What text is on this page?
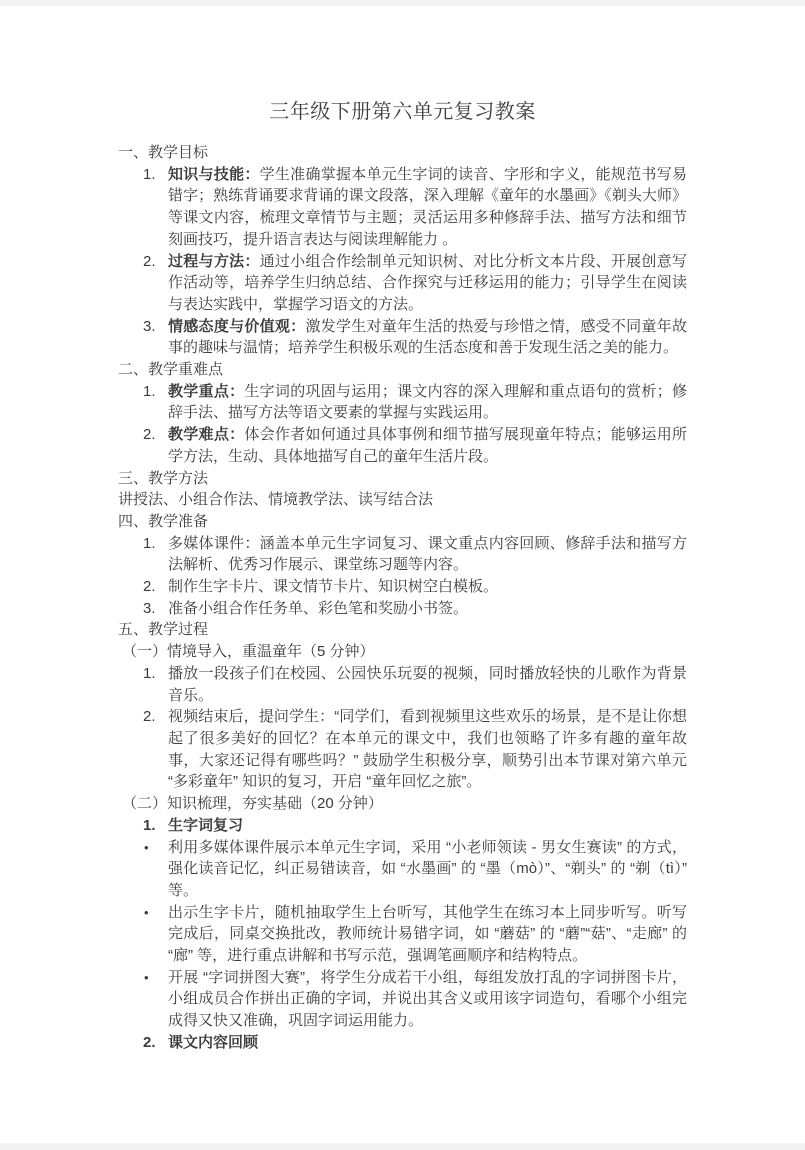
三年级下册第六单元复习教案

一、教学目标

1. 知识与技能：学生准确掌握本单元生字词的读音、字形和字义，能规范书写易错字；熟练背诵要求背诵的课文段落，深入理解《童年的水墨画》《剃头大师》等课文内容，梳理文章情节与主题；灵活运用多种修辞手法、描写方法和细节刻画技巧，提升语言表达与阅读理解能力 。
2. 过程与方法：通过小组合作绘制单元知识树、对比分析文本片段、开展创意写作活动等，培养学生归纳总结、合作探究与迁移运用的能力；引导学生在阅读与表达实践中，掌握学习语文的方法。
3. 情感态度与价值观：激发学生对童年生活的热爱与珍惜之情，感受不同童年故事的趣味与温情；培养学生积极乐观的生活态度和善于发现生活之美的能力。

二、教学重难点

1. 教学重点：生字词的巩固与运用；课文内容的深入理解和重点语句的赏析；修辞手法、描写方法等语文要素的掌握与实践运用。
2. 教学难点：体会作者如何通过具体事例和细节描写展现童年特点；能够运用所学方法，生动、具体地描写自己的童年生活片段。

三、教学方法

讲授法、小组合作法、情境教学法、读写结合法

四、教学准备

1. 多媒体课件：涵盖本单元生字词复习、课文重点内容回顾、修辞手法和描写方法解析、优秀习作展示、课堂练习题等内容。
2. 制作生字卡片、课文情节卡片、知识树空白模板。
3. 准备小组合作任务单、彩色笔和奖励小书签。

五、教学过程

（一）情境导入，重温童年（5 分钟）

1. 播放一段孩子们在校园、公园快乐玩耍的视频，同时播放轻快的儿歌作为背景音乐。
2. 视频结束后，提问学生：“同学们，看到视频里这些欢乐的场景，是不是让你想起了很多美好的回忆？在本单元的课文中，我们也领略了许多有趣的童年故事，大家还记得有哪些吗？” 鼓励学生积极分享，顺势引出本节课对第六单元 “多彩童年” 知识的复习，开启 “童年回忆之旅”。

（二）知识梳理，夯实基础（20 分钟）

1. 生字词复习
• 利用多媒体课件展示本单元生字词，采用 “小老师领读 - 男女生赛读” 的方式，强化读音记忆，纠正易错读音，如 “水墨画” 的 “墨（mò）”、“剃头” 的 “剃（tì）” 等。
• 出示生字卡片，随机抽取学生上台听写，其他学生在练习本上同步听写。听写完成后，同桌交换批改，教师统计易错字词，如 “蘑菇” 的 “蘑”“菇”、“走廊” 的 “廊” 等，进行重点讲解和书写示范，强调笔画顺序和结构特点。
• 开展 “字词拼图大赛”，将学生分成若干小组，每组发放打乱的字词拼图卡片，小组成员合作拼出正确的字词，并说出其含义或用该字词造句，看哪个小组完成得又快又准确，巩固字词运用能力。
2. 课文内容回顾
